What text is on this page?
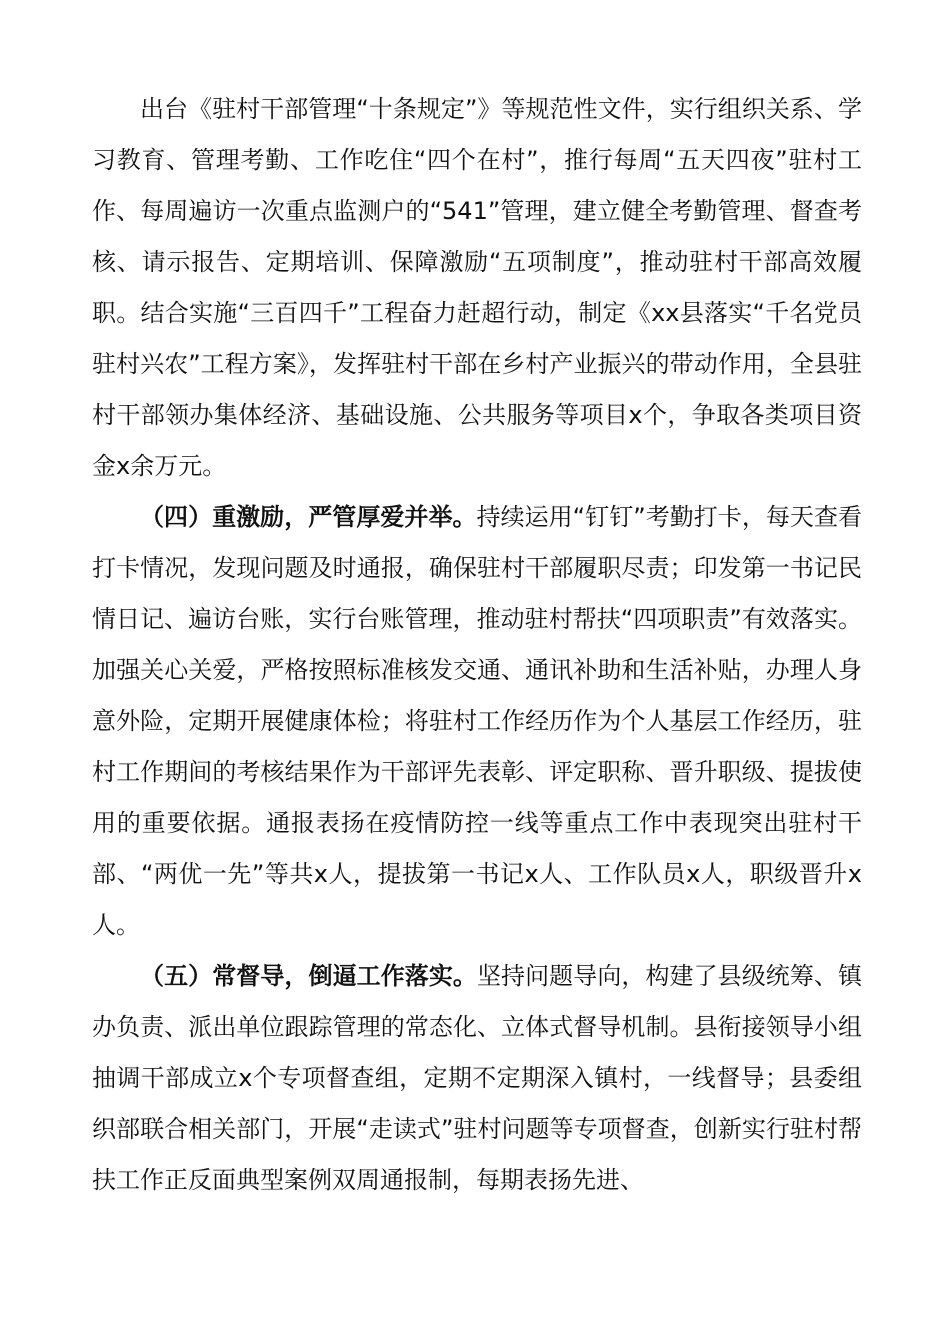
出台《驻村干部管理“十条规定”》等规范性文件，实行组织关系、学习教育、管理考勤、工作吃住“四个在村”，推行每周“五天四夜”驻村工作、每周遍访一次重点监测户的“541”管理，建立健全考勤管理、督查考核、请示报告、定期培训、保障激励“五项制度”，推动驻村干部高效履职。结合实施“三百四千”工程奋力赶超行动，制定《xx县落实“千名党员驻村兴农”工程方案》，发挥驻村干部在乡村产业振兴的带动作用，全县驻村干部领办集体经济、基础设施、公共服务等项目x个，争取各类项目资金x余万元。

（四）重激励，严管厚爱并举。持续运用“钉钉”考勤打卡，每天查看打卡情况，发现问题及时通报，确保驻村干部履职尽责；印发第一书记民情日记、遍访台账，实行台账管理，推动驻村帮扶“四项职责”有效落实。加强关心关爱，严格按照标准核发交通、通讯补助和生活补贴，办理人身意外险，定期开展健康体检；将驻村工作经历作为个人基层工作经历，驻村工作期间的考核结果作为干部评先表彰、评定职称、晋升职级、提拔使用的重要依据。通报表扬在疫情防控一线等重点工作中表现突出驻村干部、“两优一先”等共x人，提拔第一书记x人、工作队员x人，职级晋升x人。

（五）常督导，倒逼工作落实。坚持问题导向，构建了县级统筹、镇办负责、派出单位跟踪管理的常态化、立体式督导机制。县衔接领导小组抽调干部成立x个专项督查组，定期不定期深入镇村，一线督导；县委组织部联合相关部门，开展“走读式”驻村问题等专项督查，创新实行驻村帮扶工作正反面典型案例双周通报制，每期表扬先进、
